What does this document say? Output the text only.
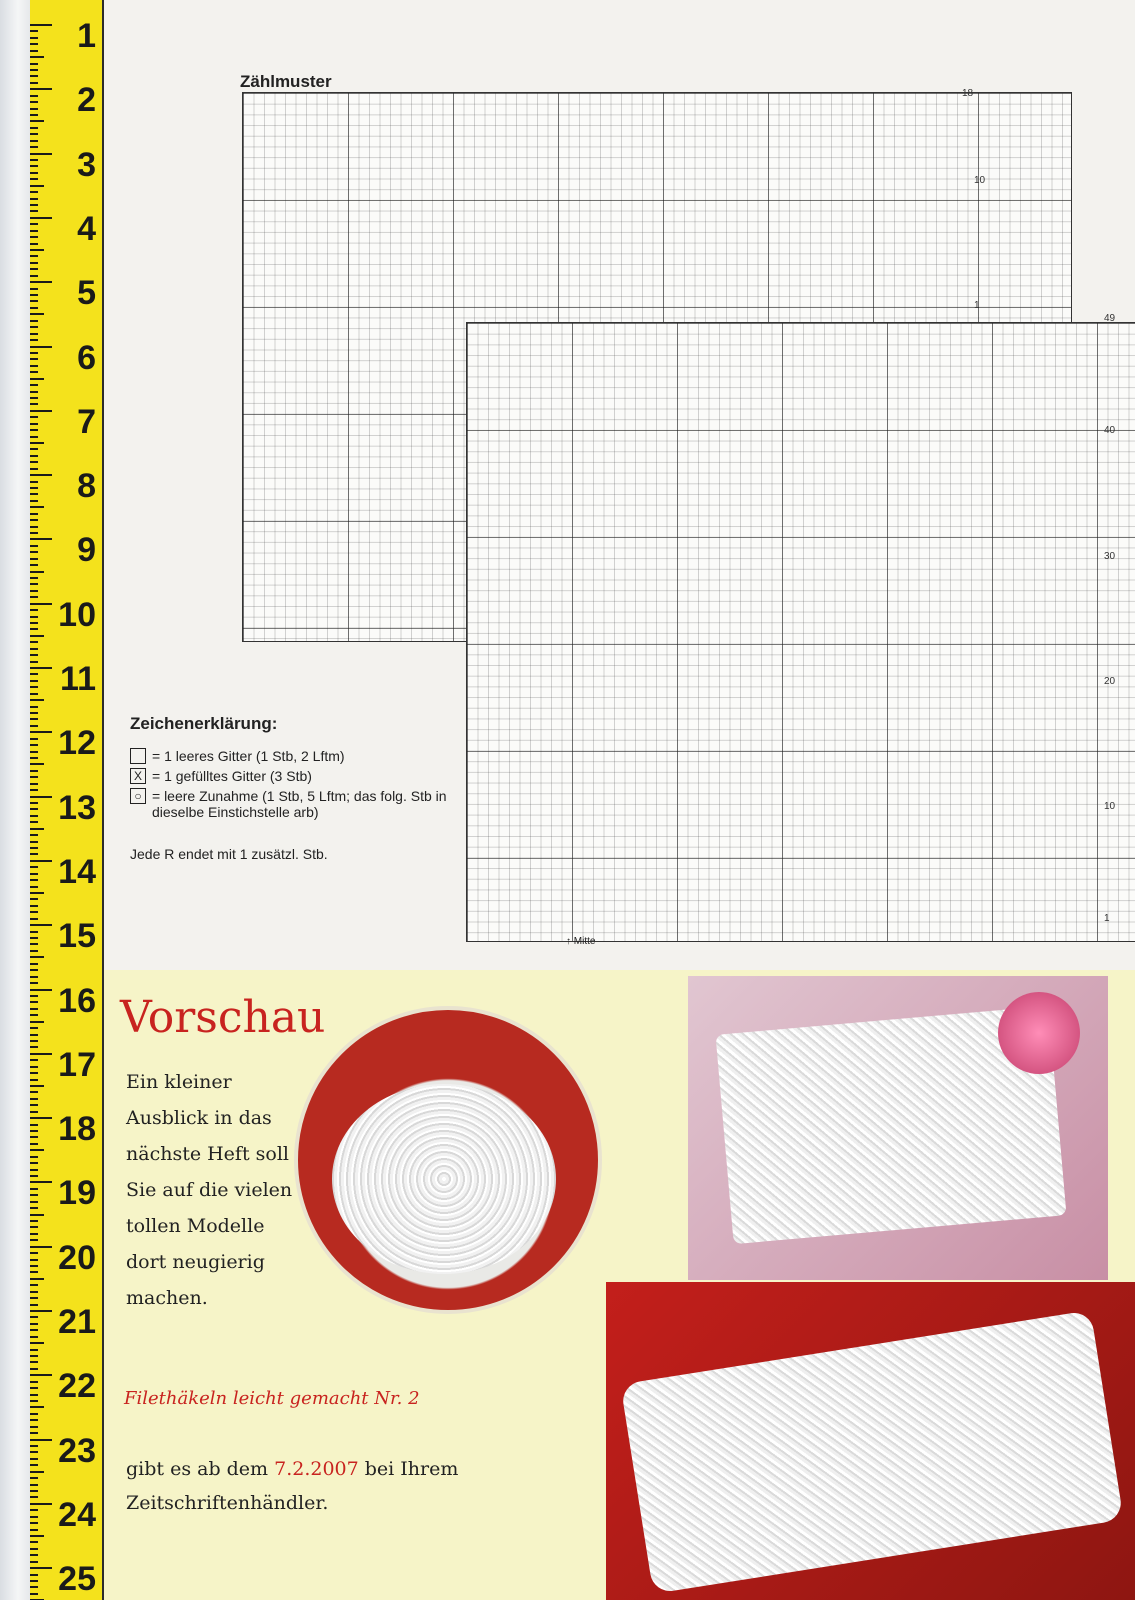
1
2
3
4
5
6
7
8
9
10
11
12
13
14
15
16
17
18
19
20
21
22
23
24
25
Zählmuster
18
10
1
49
40
30
20
10
1
↑ Mitte
Zeichenerklärung:
= 1 leeres Gitter (1 Stb, 2 Lftm)
X = 1 gefülltes Gitter (3 Stb)
○ = leere Zunahme (1 Stb, 5 Lftm; das folg. Stb in dieselbe Einstichstelle arb)
Jede R endet mit 1 zusätzl. Stb.
Vorschau
Ein kleiner Ausblick in das nächste Heft soll Sie auf die vielen tollen Modelle dort neugierig machen.
Filethäkeln leicht gemacht Nr. 2
gibt es ab dem 7.2.2007 bei Ihrem Zeitschriftenhändler.
